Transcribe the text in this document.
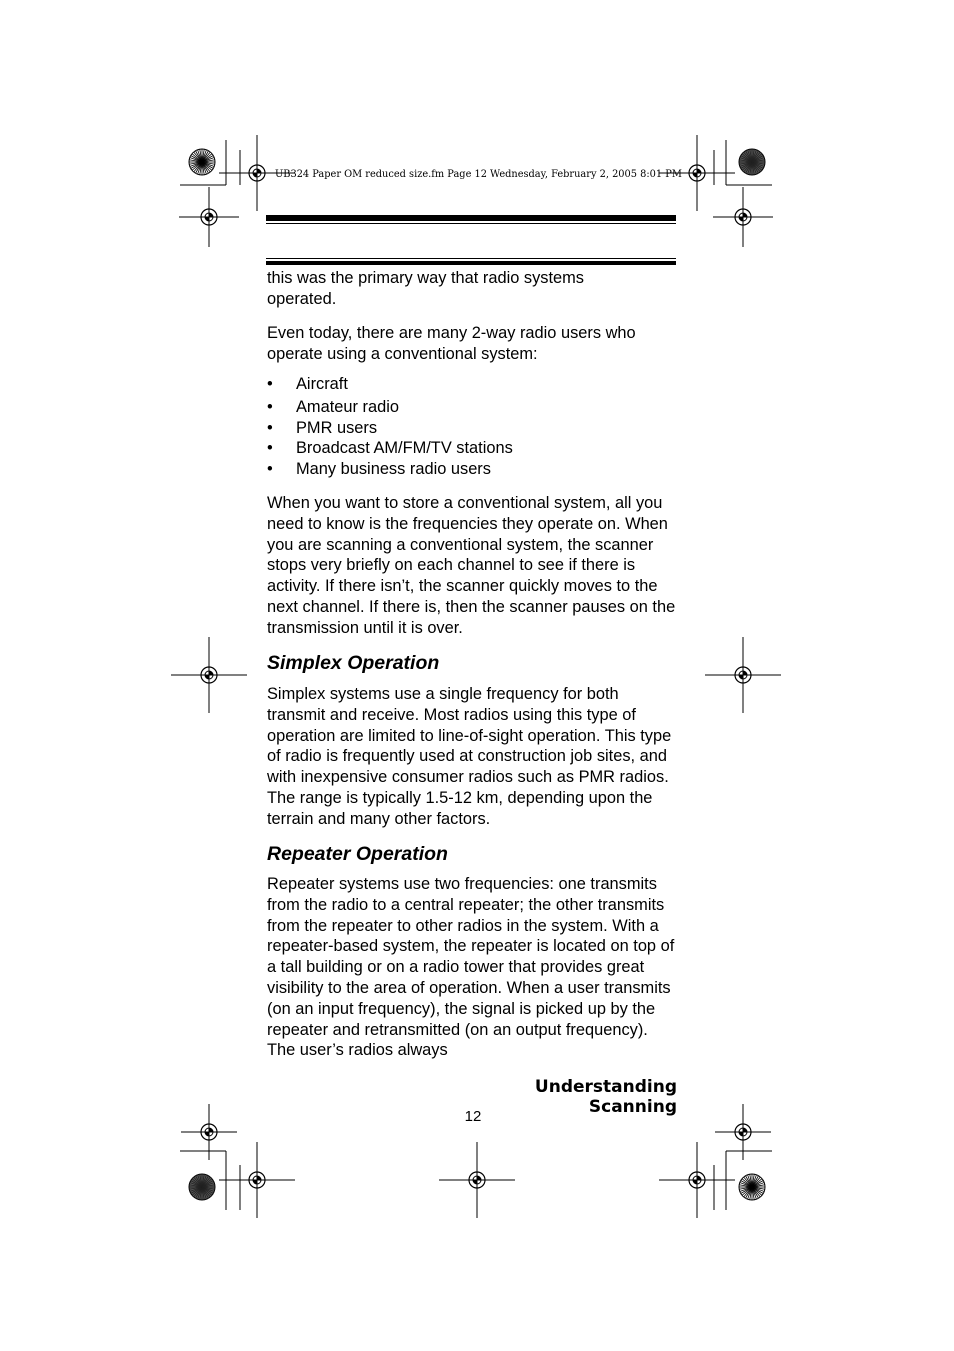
UB324 Paper OM reduced size.fm Page 12 Wednesday, February 2, 2005 8:01 PM

this was the primary way that radio systems operated.

Even today, there are many 2-way radio users who operate using a conventional system:

• Aircraft
• Amateur radio
• PMR users
• Broadcast AM/FM/TV stations
• Many business radio users

When you want to store a conventional system, all you need to know is the frequencies they operate on. When you are scanning a conventional system, the scanner stops very briefly on each channel to see if there is activity. If there isn’t, the scanner quickly moves to the next channel. If there is, then the scanner pauses on the transmission until it is over.

Simplex Operation

Simplex systems use a single frequency for both transmit and receive. Most radios using this type of operation are limited to line-of-sight operation. This type of radio is frequently used at construction job sites, and with inexpensive consumer radios such as PMR radios. The range is typically 1.5-12 km, depending upon the terrain and many other factors.

Repeater Operation

Repeater systems use two frequencies: one transmits from the radio to a central repeater; the other transmits from the repeater to other radios in the system. With a repeater-based system, the repeater is located on top of a tall building or on a radio tower that provides great visibility to the area of operation. When a user transmits (on an input frequency), the signal is picked up by the repeater and retransmitted (on an output frequency). The user’s radios always

Understanding Scanning
12
